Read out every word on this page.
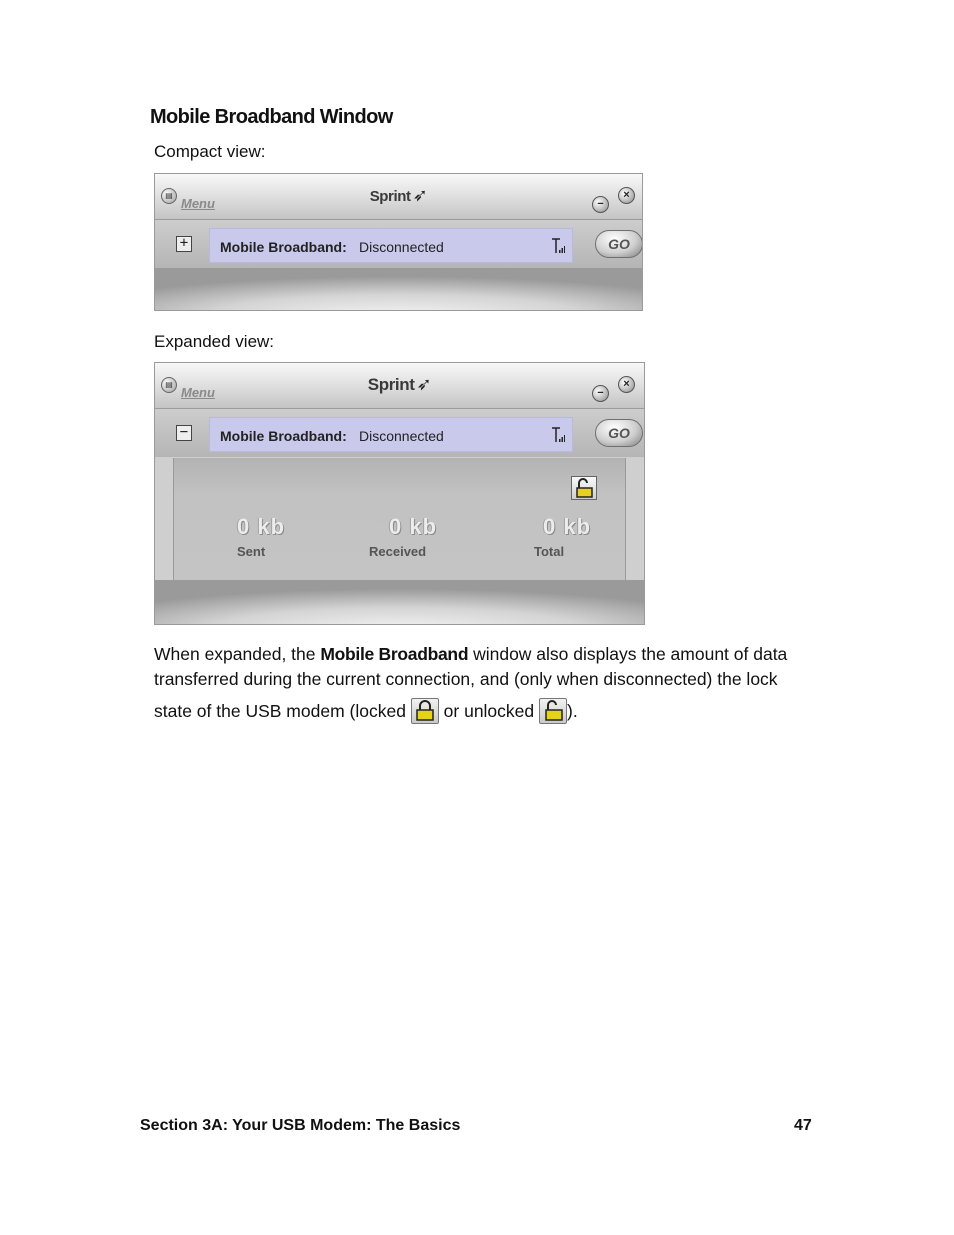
Mobile Broadband Window
Compact view:
▤
Menu	Sprint ➶	−
×
+ Mobile Broadband: Disconnected	GO
Expanded view:
▤
Menu	Sprint ➶	−
×
− Mobile Broadband: Disconnected	GO
0 kb
Sent
0 kb
Received
0 kb
Total
When expanded, the Mobile Broadband window also displays the amount of data transferred during the current connection, and (only when disconnected) the lock
state of the USB modem (locked  or unlocked ).
Section 3A: Your USB Modem: The Basics	47
